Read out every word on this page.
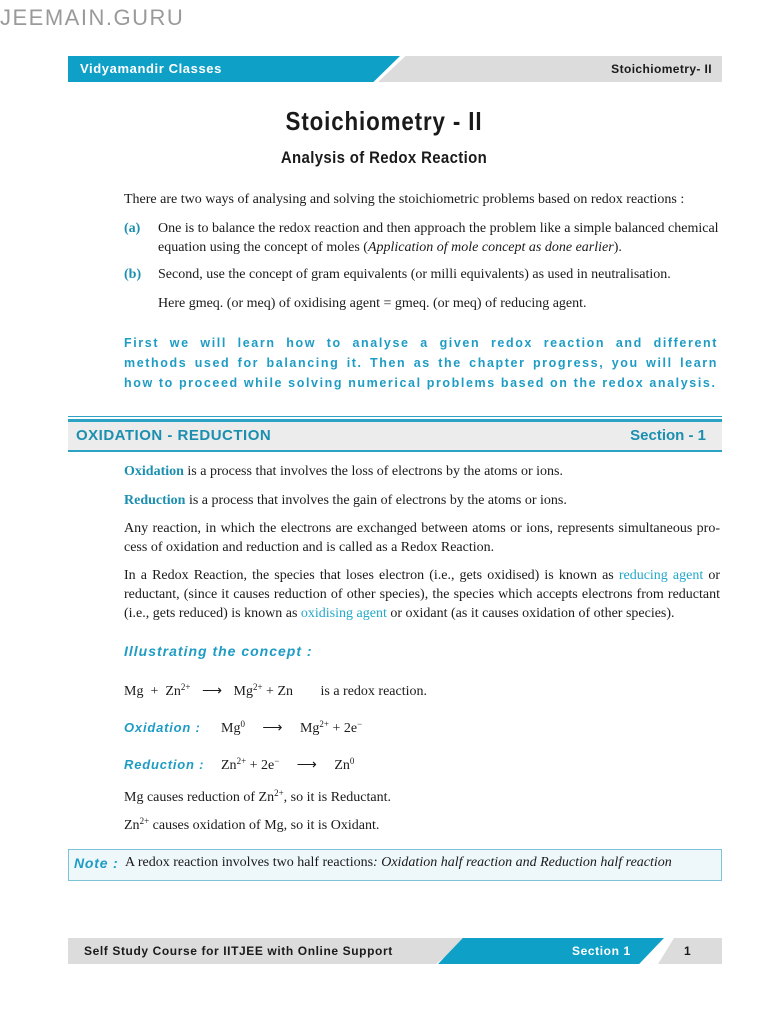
JEEMAIN.GURU
Vidyamandir Classes	Stoichiometry- II
Stoichiometry - II
Analysis of Redox Reaction
There are two ways of analysing and solving the stoichiometric problems based on redox reactions :
(a) One is to balance the redox reaction and then approach the problem like a simple balanced chemical
equation using the concept of moles (Application of mole concept as done earlier).
(b) Second, use the concept of gram equivalents (or milli equivalents) as used in neutralisation.
Here gmeq. (or meq) of oxidising agent = gmeq. (or meq) of reducing agent.
First we will learn how to analyse a given redox reaction and different methods used for balancing it. Then as the chapter progress, you will learn how to proceed while solving numerical problems based on the redox analysis.
OXIDATION - REDUCTION	Section - 1
Oxidation is a process that involves the loss of electrons by the atoms or ions.
Reduction is a process that involves the gain of electrons by the atoms or ions.
Any reaction, in which the electrons are exchanged between atoms or ions, represents simultaneous pro-cess of oxidation and reduction and is called as a Redox Reaction.
In a Redox Reaction, the species that loses electron (i.e., gets oxidised) is known as reducing agent or reductant, (since it causes reduction of other species), the species which accepts electrons from reductant (i.e., gets reduced) is known as oxidising agent or oxidant (as it causes oxidation of other species).
Illustrating the concept :
$Mg + Zn^{2+}$ ⟶ $Mg^{2+} + Zn$ is a redox reaction.
Oxidation : Mg$^0$ ⟶ $Mg^{2+} + 2e^-$
Reduction : $Zn^{2+} + 2e^-$ ⟶ Zn$^0$
Mg causes reduction of $Zn^{2+}$, so it is Reductant.
$Zn^{2+}$ causes oxidation of Mg, so it is Oxidant.
Note : A redox reaction involves two half reactions: Oxidation half reaction and Reduction half reaction
Self Study Course for IITJEE with Online Support	Section 1	1
